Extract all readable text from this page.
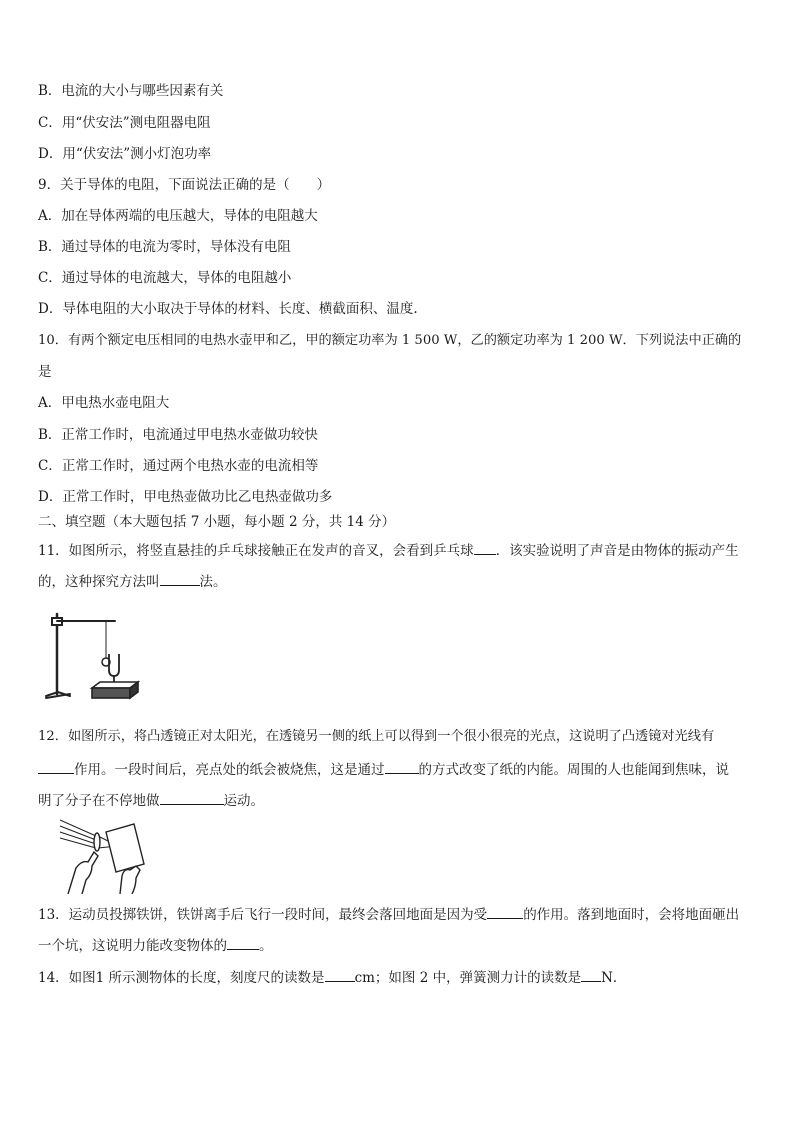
B．电流的大小与哪些因素有关
C．用“伏安法”测电阻器电阻
D．用“伏安法”测小灯泡功率
9．关于导体的电阻，下面说法正确的是（　　）
A．加在导体两端的电压越大，导体的电阻越大
B．通过导体的电流为零时，导体没有电阻
C．通过导体的电流越大，导体的电阻越小
D．导体电阻的大小取决于导体的材料、长度、横截面积、温度.
10．有两个额定电压相同的电热水壶甲和乙，甲的额定功率为 1 500 W，乙的额定功率为 1 200 W．下列说法中正确的
是
A．甲电热水壶电阻大
B．正常工作时，电流通过甲电热水壶做功较快
C．正常工作时，通过两个电热水壶的电流相等
D．正常工作时，甲电热壶做功比乙电热壶做功多
二、填空题（本大题包括 7 小题，每小题 2 分，共 14 分）
11．如图所示，将竖直悬挂的乒乓球接触正在发声的音叉，会看到乒乓球 ．该实验说明了声音是由物体的振动产生
的，这种探究方法叫	法。
12．如图所示，将凸透镜正对太阳光，在透镜另一侧的纸上可以得到一个很小很亮的光点，这说明了凸透镜对光线有
作用。一段时间后，亮点处的纸会被烧焦，这是通过	的方式改变了纸的内能。周围的人也能闻到焦味，说
明了分子在不停地做	运动。
13．运动员投掷铁饼，铁饼离手后飞行一段时间，最终会落回地面是因为受	的作用。落到地面时，会将地面砸出
一个坑，这说明力能改变物体的 。
14．如图1 所示测物体的长度，刻度尺的读数是 cm；如图 2 中，弹簧测力计的读数是 N．
